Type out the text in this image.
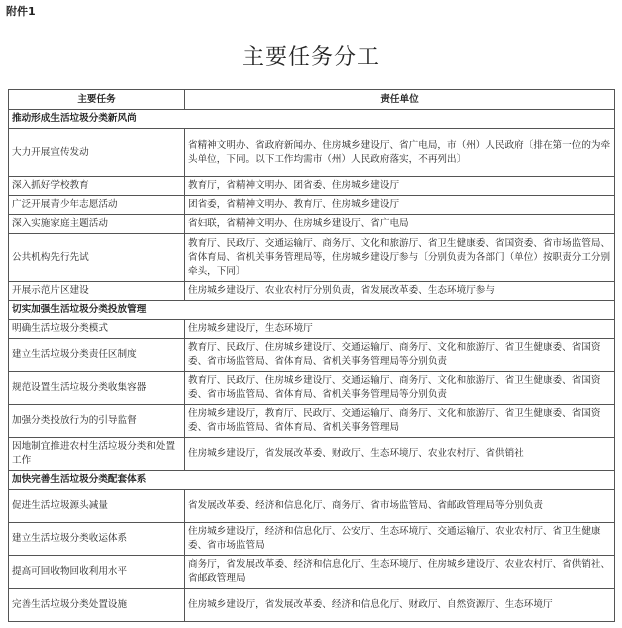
附件1
主要任务分工
主要任务	责任单位
推动形成生活垃圾分类新风尚	
大力开展宣传发动	省精神文明办、省政府新闻办、住房城乡建设厅、省广电局，市（州）人民政府〔排在第一位的为牵头单位，下同。以下工作均需市（州）人民政府落实，不再列出〕
深入抓好学校教育	教育厅，省精神文明办、团省委、住房城乡建设厅
广泛开展青少年志愿活动	团省委，省精神文明办、教育厅、住房城乡建设厅
深入实施家庭主题活动	省妇联，省精神文明办、住房城乡建设厅、省广电局
公共机构先行先试	教育厅、民政厅、交通运输厅、商务厅、文化和旅游厅、省卫生健康委、省国资委、省市场监管局、省体育局、省机关事务管理局等，住房城乡建设厅参与〔分别负责为各部门（单位）按职责分工分别牵头，下同〕
开展示范片区建设	住房城乡建设厅、农业农村厅分别负责，省发展改革委、生态环境厅参与
切实加强生活垃圾分类投放管理	
明确生活垃圾分类模式	住房城乡建设厅，生态环境厅
建立生活垃圾分类责任区制度	教育厅、民政厅、住房城乡建设厅、交通运输厅、商务厅、文化和旅游厅、省卫生健康委、省国资委、省市场监管局、省体育局、省机关事务管理局等分别负责
规范设置生活垃圾分类收集容器	教育厅、民政厅、住房城乡建设厅、交通运输厅、商务厅、文化和旅游厅、省卫生健康委、省国资委、省市场监管局、省体育局、省机关事务管理局等分别负责
加强分类投放行为的引导监督	住房城乡建设厅，教育厅、民政厅、交通运输厅、商务厅、文化和旅游厅、省卫生健康委、省国资委、省市场监管局、省体育局、省机关事务管理局
因地制宜推进农村生活垃圾分类和处置工作	住房城乡建设厅，省发展改革委、财政厅、生态环境厅、农业农村厅、省供销社
加快完善生活垃圾分类配套体系	
促进生活垃圾源头减量	省发展改革委、经济和信息化厅、商务厅、省市场监管局、省邮政管理局等分别负责
建立生活垃圾分类收运体系	住房城乡建设厅，经济和信息化厅、公安厅、生态环境厅、交通运输厅、农业农村厅、省卫生健康委、省市场监管局
提高可回收物回收利用水平	商务厅，省发展改革委、经济和信息化厅、生态环境厅、住房城乡建设厅、农业农村厅、省供销社、省邮政管理局
完善生活垃圾分类处置设施	住房城乡建设厅，省发展改革委、经济和信息化厅、财政厅、自然资源厅、生态环境厅
